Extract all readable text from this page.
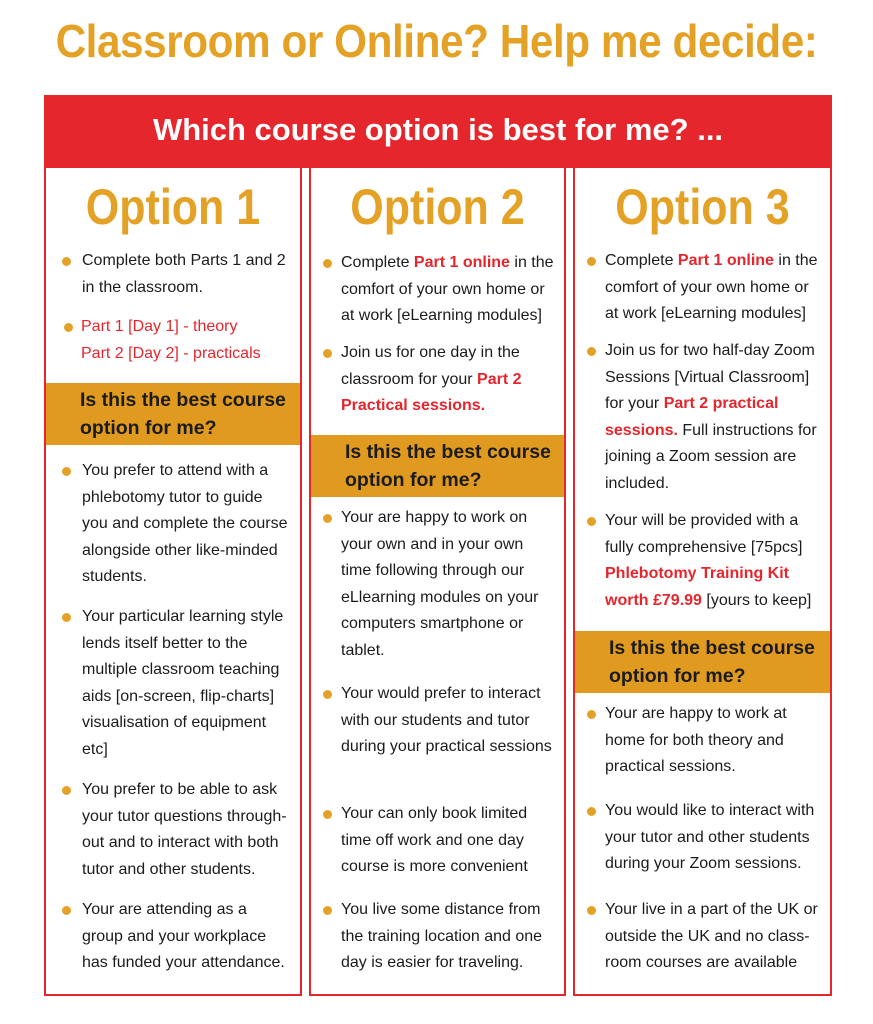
Classroom or Online? Help me decide:
Which course option is best for me? ...
Option 1
Complete both Parts 1 and 2 in the classroom.
Part 1 [Day 1] - theory
Part 2 [Day 2] - practicals
Is this the best course option for me?
You prefer to attend with a phlebotomy tutor to guide you and complete the course alongside other like-minded students.
Your particular learning style lends itself better to the multiple classroom teaching aids [on-screen, flip-charts] visualisation of equipment etc]
You prefer to be able to ask your tutor questions through-out and to interact with both tutor and other students.
Your are attending as a group and your workplace has funded your attendance.
Option 2
Complete Part 1 online in the comfort of your own home or at work [eLearning modules]
Join us for one day in the classroom for your Part 2 Practical sessions.
Is this the best course option for me?
Your are happy to work on your own and in your own time following through our eLlearning modules on your computers smartphone or tablet.
Your would prefer to interact with our students and tutor during your practical sessions
Your can only book limited time off work and one day course is more convenient
You live some distance from the training location and one day is easier for traveling.
Option 3
Complete Part 1 online in the comfort of your own home or at work [eLearning modules]
Join us for two half-day Zoom Sessions [Virtual Classroom] for your Part 2 practical sessions. Full instructions for joining a Zoom session are included.
Your will be provided with a fully comprehensive [75pcs] Phlebotomy Training Kit worth £79.99 [yours to keep]
Is this the best course option for me?
Your are happy to work at home for both theory and practical sessions.
You would like to interact with your tutor and other students during your Zoom sessions.
Your live in a part of the UK or outside the UK and no class-room courses are available
